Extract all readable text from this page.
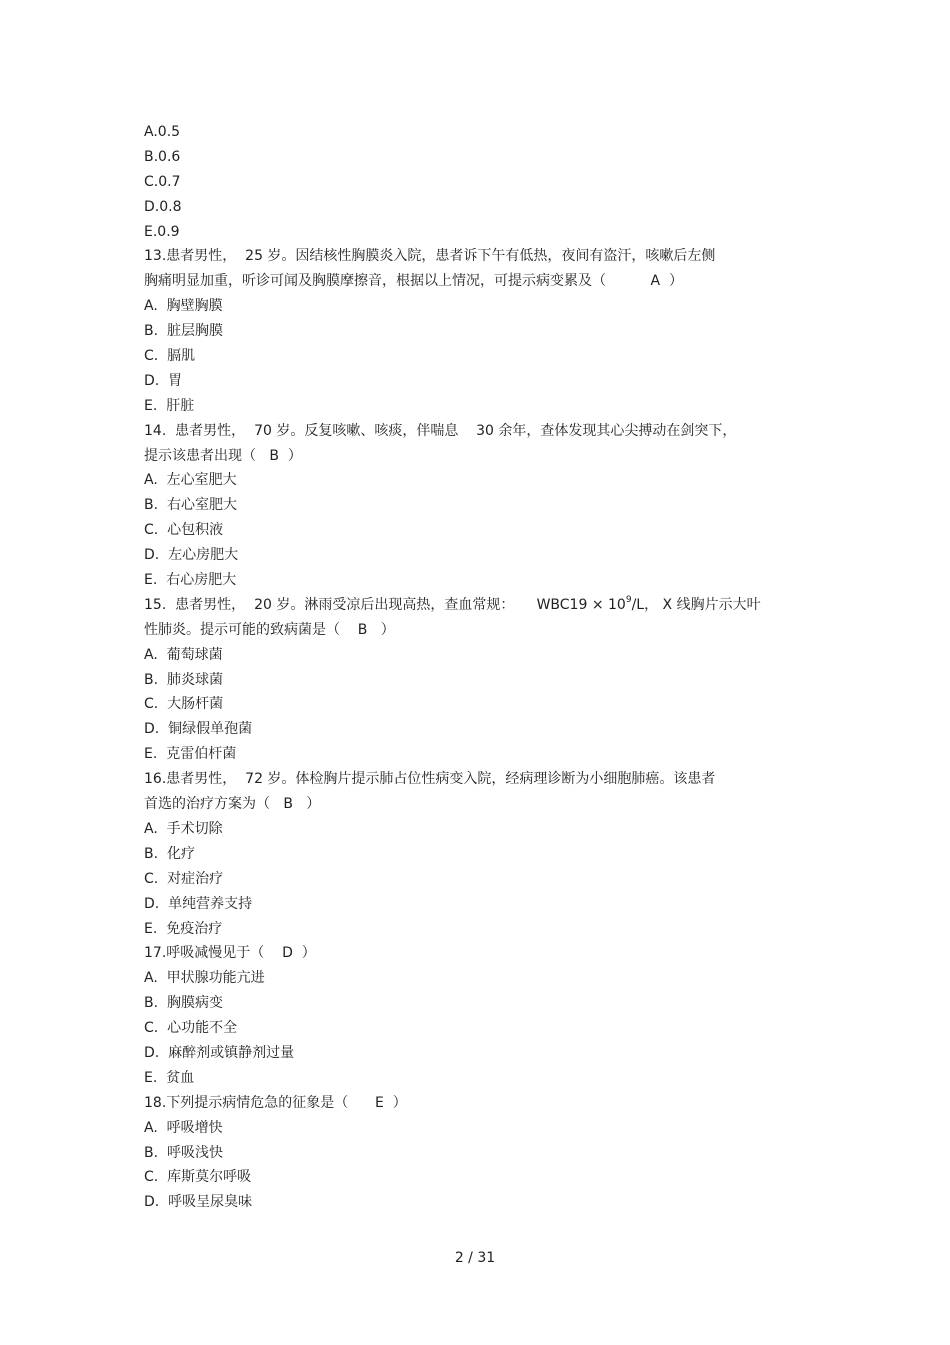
A.0.5
B.0.6
C.0.7
D.0.8
E.0.9
13.患者男性，  25 岁。因结核性胸膜炎入院，患者诉下午有低热，夜间有盗汗，咳嗽后左侧
胸痛明显加重，听诊可闻及胸膜摩擦音，根据以上情况，可提示病变累及（          A  ）
A.  胸壁胸膜
B.  脏层胸膜
C.  膈肌
D.  胃
E.  肝脏
14.  患者男性，  70 岁。反复咳嗽、咳痰，伴喘息    30 余年，查体发现其心尖搏动在剑突下，
提示该患者出现（   B  ）
A.  左心室肥大
B.  右心室肥大
C.  心包积液
D.  左心房肥大
E.  右心房肥大
15.  患者男性，  20 岁。淋雨受凉后出现高热，查血常规：     $WBC19 \times 10^9/L$， X 线胸片示大叶
性肺炎。提示可能的致病菌是（    B   ）
A.  葡萄球菌
B.  肺炎球菌
C.  大肠杆菌
D.  铜绿假单孢菌
E.  克雷伯杆菌
16.患者男性，  72 岁。体检胸片提示肺占位性病变入院，经病理诊断为小细胞肺癌。该患者
首选的治疗方案为（   B   ）
A.  手术切除
B.  化疗
C.  对症治疗
D.  单纯营养支持
E.  免疫治疗
17.呼吸减慢见于（    D  ）
A.  甲状腺功能亢进
B.  胸膜病变
C.  心功能不全
D.  麻醉剂或镇静剂过量
E.  贫血
18.下列提示病情危急的征象是（      E  ）
A.  呼吸增快
B.  呼吸浅快
C.  库斯莫尔呼吸
D.  呼吸呈尿臭味
2 / 31
